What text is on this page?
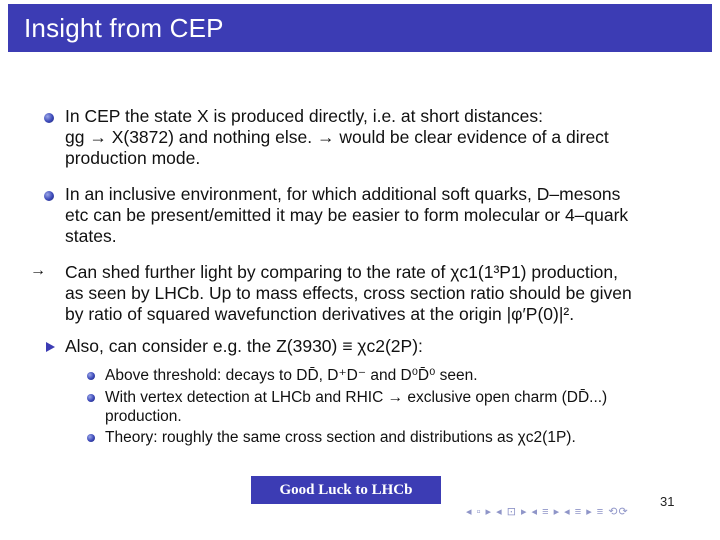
Insight from CEP
In CEP the state X is produced directly, i.e. at short distances:
gg → X(3872) and nothing else. → would be clear evidence of a direct
production mode.
In an inclusive environment, for which additional soft quarks, D–mesons
etc can be present/emitted it may be easier to form molecular or 4–quark
states.
→ Can shed further light by comparing to the rate of χc1(1³P1) production,
as seen by LHCb. Up to mass effects, cross section ratio should be given
by ratio of squared wavefunction derivatives at the origin |φ′P(0)|².
Also, can consider e.g. the Z(3930) ≡ χc2(2P):
Above threshold: decays to DD̄, D⁺D⁻ and D⁰D̄⁰ seen.
With vertex detection at LHCb and RHIC → exclusive open charm (DD̄...)
production.
Theory: roughly the same cross section and distributions as χc2(1P).
Good Luck to LHCb
31
◂ ▫ ▸ ◂ ⊡ ▸ ◂ ≡ ▸ ◂ ≡ ▸ ≡ ⟲⟳
